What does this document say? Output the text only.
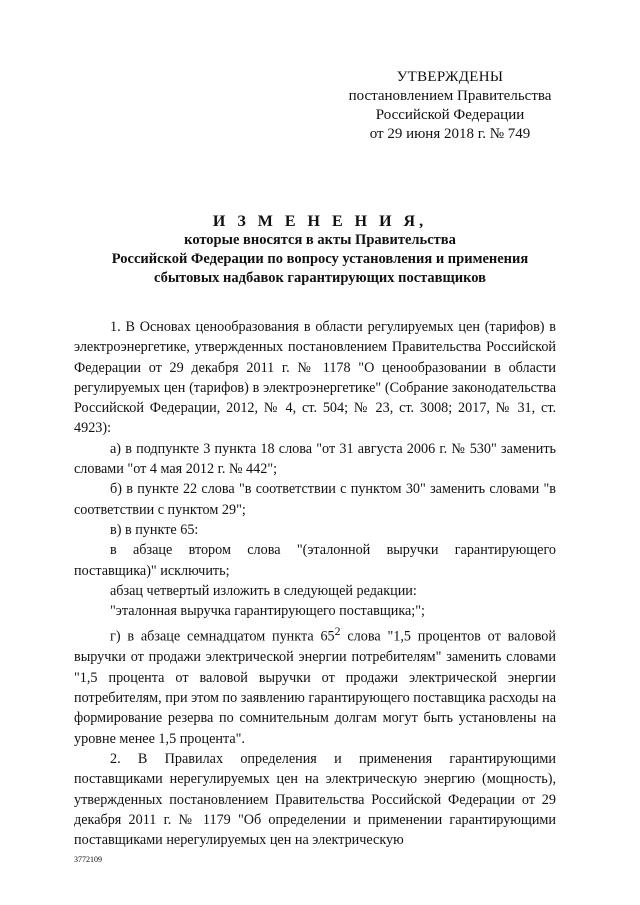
УТВЕРЖДЕНЫ
постановлением Правительства
Российской Федерации
от 29 июня 2018 г. № 749
И З М Е Н Е Н И Я,
которые вносятся в акты Правительства
Российской Федерации по вопросу установления и применения
сбытовых надбавок гарантирующих поставщиков

1. В Основах ценообразования в области регулируемых цен (тарифов) в электроэнергетике, утвержденных постановлением Правительства Российской Федерации от 29 декабря 2011 г. № 1178 "О ценообразовании в области регулируемых цен (тарифов) в электроэнергетике" (Собрание законодательства Российской Федерации, 2012, № 4, ст. 504; № 23, ст. 3008; 2017, № 31, ст. 4923):

а) в подпункте 3 пункта 18 слова "от 31 августа 2006 г. № 530" заменить словами "от 4 мая 2012 г. № 442";

б) в пункте 22 слова "в соответствии с пунктом 30" заменить словами "в соответствии с пунктом 29";

в) в пункте 65:

в абзаце втором слова "(эталонной выручки гарантирующего поставщика)" исключить;

абзац четвертый изложить в следующей редакции:

"эталонная выручка гарантирующего поставщика;";

г) в абзаце семнадцатом пункта $65^2$ слова "1,5 процентов от валовой выручки от продажи электрической энергии потребителям" заменить словами "1,5 процента от валовой выручки от продажи электрической энергии потребителям, при этом по заявлению гарантирующего поставщика расходы на формирование резерва по сомнительным долгам могут быть установлены на уровне менее 1,5 процента".

2. В Правилах определения и применения гарантирующими поставщиками нерегулируемых цен на электрическую энергию (мощность), утвержденных постановлением Правительства Российской Федерации от 29 декабря 2011 г. № 1179 "Об определении и применении гарантирующими поставщиками нерегулируемых цен на электрическую

3772109
